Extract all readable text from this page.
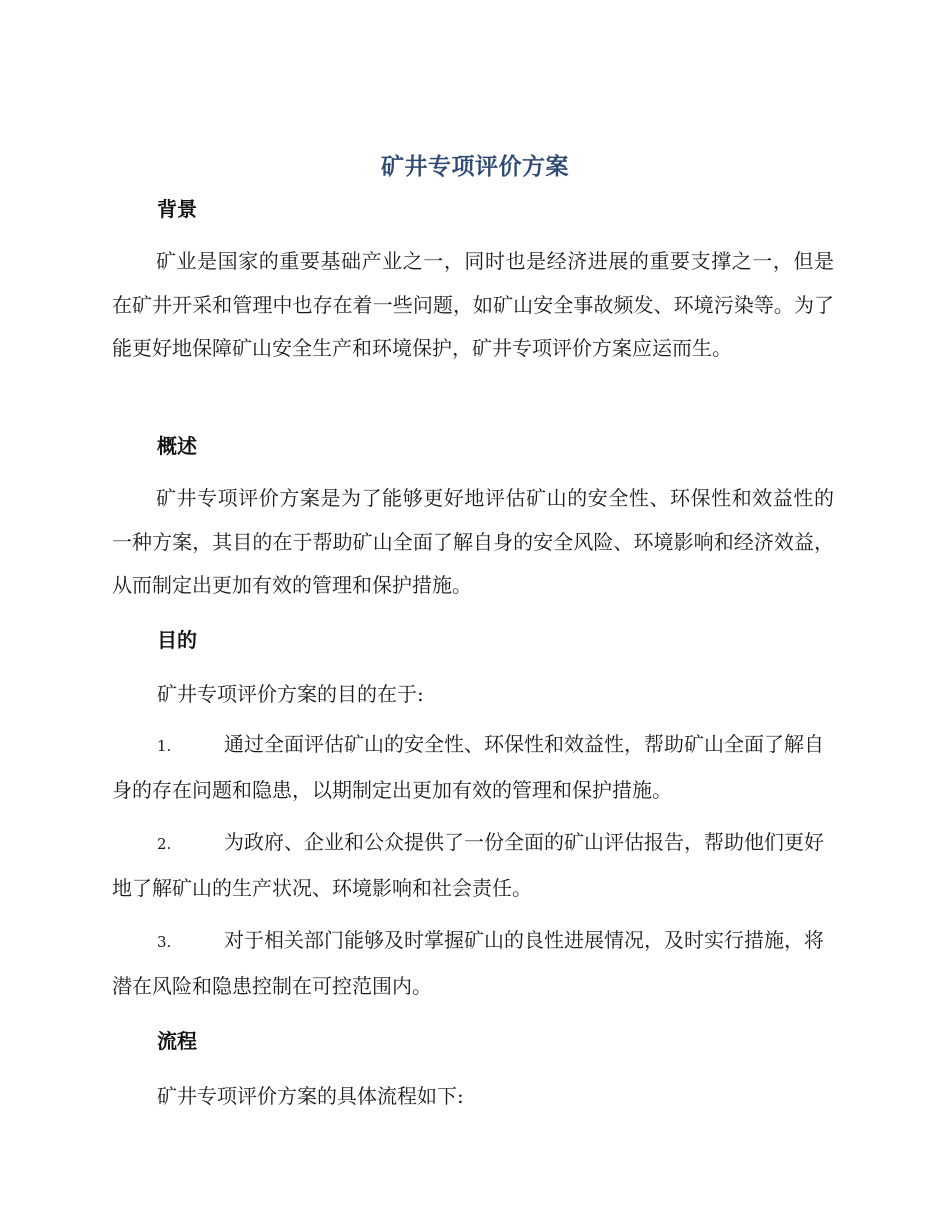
矿井专项评价方案
背景
矿业是国家的重要基础产业之一，同时也是经济进展的重要支撑之一，但是在矿井开采和管理中也存在着一些问题，如矿山安全事故频发、环境污染等。为了能更好地保障矿山安全生产和环境保护，矿井专项评价方案应运而生。
概述
矿井专项评价方案是为了能够更好地评估矿山的安全性、环保性和效益性的一种方案，其目的在于帮助矿山全面了解自身的安全风险、环境影响和经济效益，从而制定出更加有效的管理和保护措施。
目的
矿井专项评价方案的目的在于:
1.	通过全面评估矿山的安全性、环保性和效益性，帮助矿山全面了解自身的存在问题和隐患，以期制定出更加有效的管理和保护措施。
2.	为政府、企业和公众提供了一份全面的矿山评估报告，帮助他们更好地了解矿山的生产状况、环境影响和社会责任。
3.	对于相关部门能够及时掌握矿山的良性进展情况，及时实行措施，将潜在风险和隐患控制在可控范围内。
流程
矿井专项评价方案的具体流程如下:
